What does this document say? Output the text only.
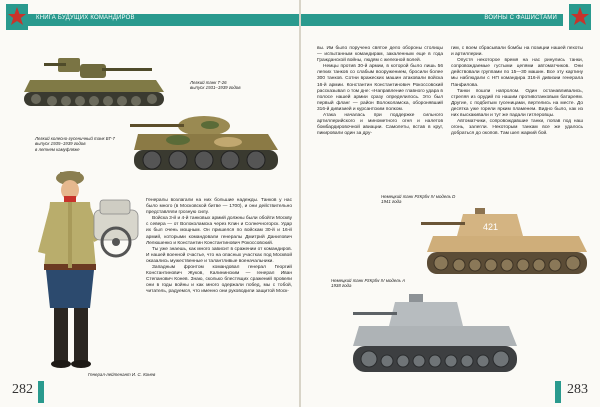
КНИГА БУДУЩИХ КОМАНДИРОВ
Легкий танк Т-26
выпуск 1931–1939 годов
Легкий колесно-гусеничный танк БТ-7
выпуск 1935–1939 годов
в летнем камуфляже
Генерал-лейтенант И. С. Конев

Генералы возлагали на них большие надежды. Танков у нас было много (в Московской битве — 1700), и они действительно представляли грозную силу.

Войска 3-й и 4-й танковых армий должны были обойти Москву с севера — от Волоколамска через Клин и Солнечногорск. Удар их был очень мощным. Он пришелся по войскам 30-й и 16-й армий, которыми командовали генералы Дмитрий Данилович Лелюшенко и Константин Константинович Рокоссовский.

Ты уже знаешь, как много зависит в сражении от командиров. И нашей военной счастье, что на опасных участках под Москвой оказались мужественные и талантливые военачальники.

Западным фронтом командовал генерал Георгий Константинович Жуков, Калининским — генерал Иван Степанович Конев. Знаю, сколько блестящих сражений провели они в годы войны и как много одержали побед, мы с тобой, читатель, радуемся, что именно они руководили защитой Моск-

282
ВОЙНЫ С ФАШИСТАМИ

вы. Им было поручено святое дело обороны столицы — испытанным командирам, закаленным еще в года Гражданской войны, людям с железной волей.

Немцы против 30-й армии, в которой было лишь 56 легких танков со слабым вооружением, бросили более 300 танков. Сотни вражеских машин атаковали войска 16-й армии. Константин Константинович Рокоссовский рассказывал о том дне: «Направление главного удара в полосе нашей армии сразу определилось. Это был первый фланг — район Волоколамска, оборонявший 316-й дивизией и курсантским полком.

Атака началась при поддержке сильного артиллерийского и минометного огня и налетов бомбардировочной авиации. Самолеты, встав в круг, пикировали один за дру-

гим, с воем сбрасывали бомбы на позиции нашей пехоты и артиллерии.

Опустя некоторое время на нас ринулись танки, сопровождаемые густыми цепями автоматчиков. Они действовали группами по 15—30 машин. Все эту картину мы наблюдали с НП командира 316-й дивизии генерала Панфилова.

Танки пошли напролом. Один останавливались, стреляя из орудий по нашим противотанковым батареям. Другие, с подбитым гусеницами, вертелись на месте. До десятка уже горели ярким пламенем. Видно было, как из них выскакивали и тут же падали гитлеровцы.

Автоматчики, сопровождавшие танки, попав под наш огонь, залегли. Некоторым танкам все же удалось добраться до окопов. Там шел жаркий бой.

Немецкий танк PzKpfw IV модель D
1941 года
421
Немецкий танк PzKpfw IV модель А
1938 года
283
